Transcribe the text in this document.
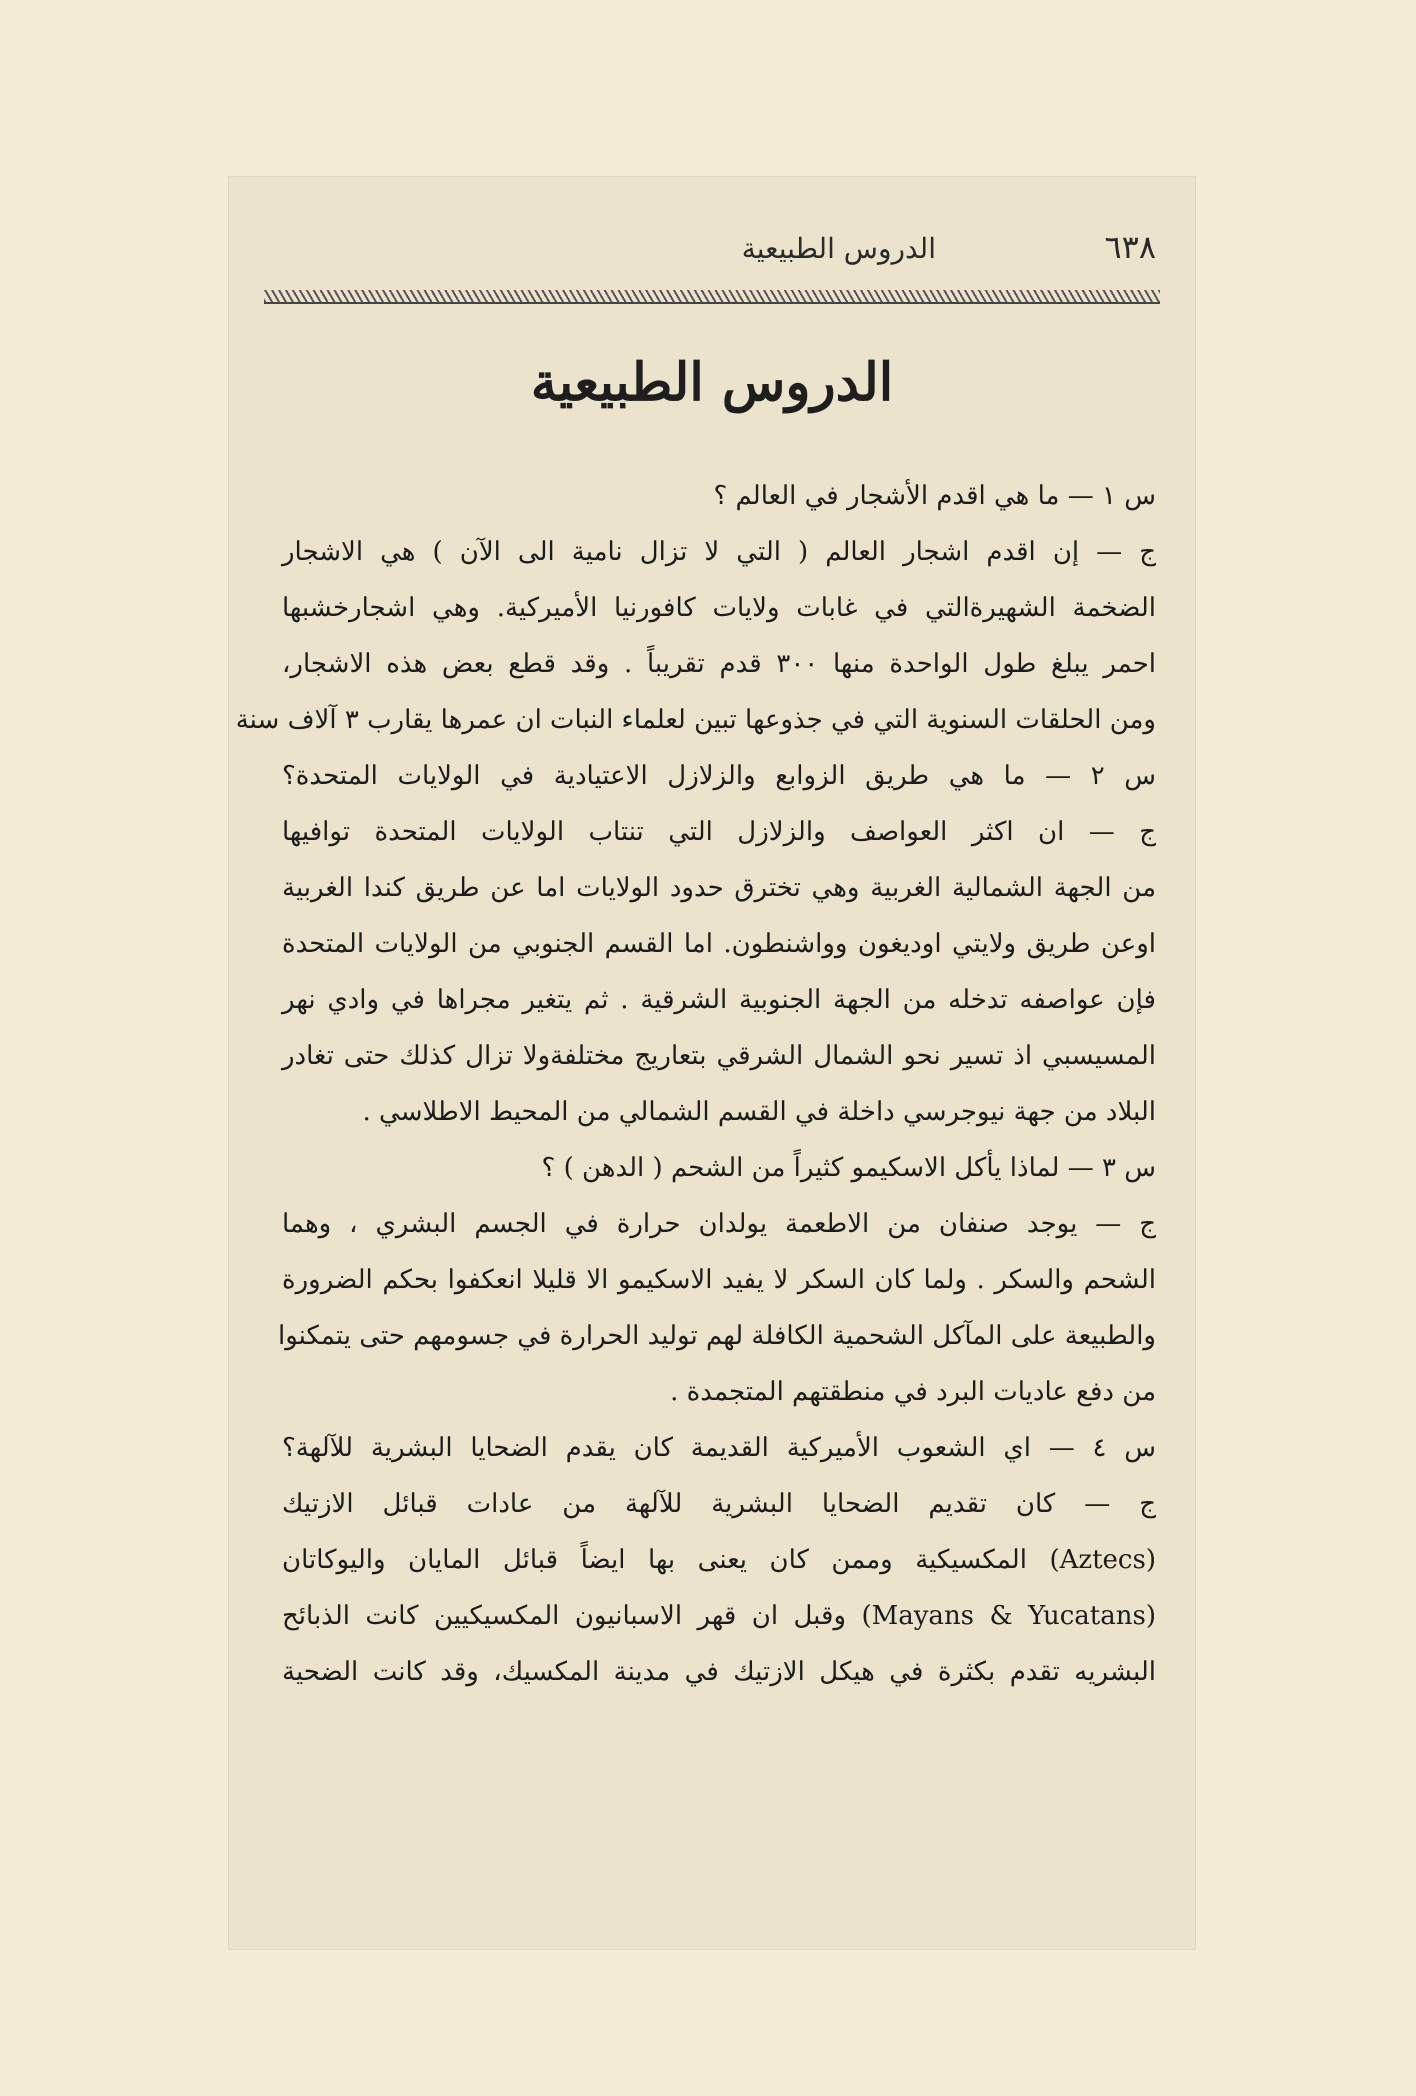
٦٣٨
الدروس الطبيعية
الدروس الطبيعية
س ١ — ما هي اقدم الأشجار في العالم ؟
ج — إن اقدم اشجار العالم ( التي لا تزال نامية الى الآن ) هي الاشجار
الضخمة الشهيرةالتي في غابات ولايات كافورنيا الأميركية. وهي اشجارخشبها
احمر يبلغ طول الواحدة منها ٣٠٠ قدم تقريباً . وقد قطع بعض هذه الاشجار،
ومن الحلقات السنوية التي في جذوعها تبين لعلماء النبات ان عمرها يقارب ٣ آلاف سنة
س ٢ — ما هي طريق الزوابع والزلازل الاعتيادية في الولايات المتحدة؟
ج — ان اكثر العواصف والزلازل التي تنتاب الولايات المتحدة توافيها
من الجهة الشمالية الغربية وهي تخترق حدود الولايات اما عن طريق كندا الغربية
اوعن طريق ولايتي اوديغون وواشنطون. اما القسم الجنوبي من الولايات المتحدة
فإن عواصفه تدخله من الجهة الجنوبية الشرقية . ثم يتغير مجراها في وادي نهر
المسيسبي اذ تسير نحو الشمال الشرقي بتعاريج مختلفةولا تزال كذلك حتى تغادر
البلاد من جهة نيوجرسي داخلة في القسم الشمالي من المحيط الاطلاسي .
س ٣ — لماذا يأكل الاسكيمو كثيراً من الشحم ( الدهن ) ؟
ج — يوجد صنفان من الاطعمة يولدان حرارة في الجسم البشري ، وهما
الشحم والسكر . ولما كان السكر لا يفيد الاسكيمو الا قليلا انعكفوا بحكم الضرورة
والطبيعة على المآكل الشحمية الكافلة لهم توليد الحرارة في جسومهم حتى يتمكنوا
من دفع عاديات البرد في منطقتهم المتجمدة .
س ٤ — اي الشعوب الأميركية القديمة كان يقدم الضحايا البشرية للآلهة؟
ج — كان تقديم الضحايا البشرية للآلهة من عادات قبائل الازتيك
(Aztecs) المكسيكية وممن كان يعنى بها ايضاً قبائل المايان واليوكاتان
(Mayans & Yucatans) وقبل ان قهر الاسبانيون المكسيكيين كانت الذبائح
البشريه تقدم بكثرة في هيكل الازتيك في مدينة المكسيك، وقد كانت الضحية
